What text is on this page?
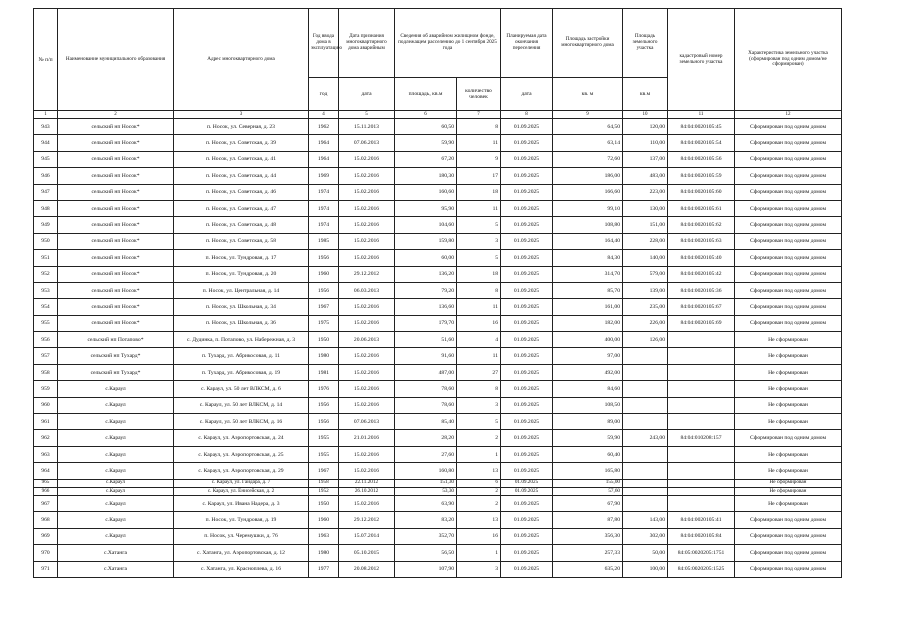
№ п/п	Наименование муниципального образования	Адрес многоквартирного дома	Год ввода дома в эксплуатацию	Дата признания многоквартирного дома аварийным	Сведения об аварийном жилищном фонде, подлежащем расселению до 1 сентября 2025 года		Планируемая дата окончания переселения	Площадь застройки многоквартирного дома	Площадь земельного участка	кадастровый номер земельного участка	Характеристика земельного участка (сформирован под одним домом/не сформирован)
			год	дата	площадь, кв.м	количество человек	дата	кв. м	кв.м		
1	2	3	4	5	6	7	8	9	10	11	12
943	сельский нп Носок*	п. Носок, ул. Северная, д. 23	1962	15.11.2013	60,50	8	01.09.2025	64,50	120,00	84:04:0020105:45	Сформирован под одним домом
944	сельский нп Носок*	п. Носок, ул. Советская, д. 39	1964	07.06.2013	59,90	11	01.09.2025	63,14	110,00	84:04:0020105:54	Сформирован под одним домом
945	сельский нп Носок*	п. Носок, ул. Советская, д. 41	1964	15.02.2016	67,20	9	01.09.2025	72,60	137,00	84:04:0020105:56	Сформирован под одним домом
946	сельский нп Носок*	п. Носок, ул. Советская, д. 44	1969	15.02.2016	180,30	17	01.09.2025	186,00	483,00	84:04:0020105:59	Сформирован под одним домом
947	сельский нп Носок*	п. Носок, ул. Советская, д. 46	1974	15.02.2016	160,60	18	01.09.2025	166,60	223,00	84:04:0020105:60	Сформирован под одним домом
948	сельский нп Носок*	п. Носок, ул. Советская, д. 47	1974	15.02.2016	95,90	11	01.09.2025	99,10	130,00	84:04:0020105:61	Сформирован под одним домом
949	сельский нп Носок*	п. Носок, ул. Советская, д. 48	1974	15.02.2016	104,60	5	01.09.2025	108,80	151,00	84:04:0020105:62	Сформирован под одним домом
950	сельский нп Носок*	п. Носок, ул. Советская, д. 58	1985	15.02.2016	159,80	3	01.09.2025	164,40	228,00	84:04:0020105:63	Сформирован под одним домом
951	сельский нп Носок*	п. Носок, ул. Тундровая, д. 17	1956	15.02.2016	60,00	5	01.09.2025	84,30	140,00	84:04:0020105:40	Сформирован под одним домом
952	сельский нп Носок*	п. Носок, ул. Тундровая, д. 20	1960	29.12.2012	136,20	18	01.09.2025	314,70	579,00	84:04:0020105:42	Сформирован под одним домом
953	сельский нп Носок*	п. Носок, ул. Центральная, д. 14	1956	06.03.2013	79,20	8	01.09.2025	85,70	139,00	84:04:0020105:36	Сформирован под одним домом
954	сельский нп Носок*	п. Носок, ул. Школьная, д. 34	1967	15.02.2016	136,60	11	01.09.2025	161,00	235,00	84:04:0020105:67	Сформирован под одним домом
955	сельский нп Носок*	п. Носок, ул. Школьная, д. 36	1975	15.02.2016	179,70	16	01.09.2025	182,00	226,00	84:04:0020105:69	Сформирован под одним домом
956	сельский нп Потапово*	с. Дудинка, п. Потапово, ул. Набережная, д. 3	1950	20.06.2013	51,60	4	01.09.2025	400,00	126,00		Не сформирован
957	сельский нп Тухард*	п. Тухард, ул. Абрикосовая, д. 11	1980	15.02.2016	91,60	11	01.09.2025	97,00			Не сформирован
958	сельский нп Тухард*	п. Тухард, ул. Абрикосовая, д. 19	1981	15.02.2016	487,00	27	01.09.2025	492,00			Не сформирован
959	с.Караул	с. Караул, ул. 50 лет ВЛКСМ, д. 6	1976	15.02.2016	78,60	8	01.09.2025	84,60			Не сформирован
960	с.Караул	с. Караул, ул. 50 лет ВЛКСМ, д. 14	1956	15.02.2016	78,60	3	01.09.2025	108,50			Не сформирован
961	с.Караул	с. Караул, ул. 50 лет ВЛКСМ, д. 16	1956	07.06.2013	85,40	5	01.09.2025	89,00			Не сформирован
962	с.Караул	с. Караул, ул. Аэропортовская, д. 24	1955	21.01.2016	28,20	2	01.09.2025	59,90	243,00	84:04:010208:157	Сформирован под одним домом
963	с.Караул	с. Караул, ул. Аэропортовская, д. 25	1955	15.02.2016	27,60	1	01.09.2025	60,40			Не сформирован
964	с.Караул	с. Караул, ул. Аэропортовская, д. 29	1967	15.02.2016	160,80	13	01.09.2025	165,80			Не сформирован
965	с.Караул	с. Караул, ул. Гайдара, д. 7	1958	22.11.2012	151,30	6	01.09.2025	155,00			Не сформирован
966	с.Караул	с. Караул, ул. Енисейская, д. 2	1952	26.10.2012	53,30	2	01.09.2025	57,60			Не сформирован
967	с.Караул	с. Караул, ул. Ивана Надера, д. 3	1950	15.02.2016	63,90	2	01.09.2025	67,90			Не сформирован
968	с.Караул	п. Носок, ул. Тундровая, д. 19	1960	29.12.2012	83,20	13	01.09.2025	87,80	143,00	84:04:0020105:41	Сформирован под одним домом
969	с.Караул	п. Носок, ул. Черемушки, д. 76	1963	15.07.2014	352,70	16	01.09.2025	356,30	302,00	84:04:0020105:84	Сформирован под одним домом
970	с.Хатанга	с. Хатанга, ул. Аэропортовская, д. 12	1980	05.10.2015	56,50	1	01.09.2025	257,33	50,00	84:05:0020205:1751	Сформирован под одним домом
971	с.Хатанга	с. Хатанга, ул. Красноплева, д. 16	1977	20.08.2012	107,90	3	01.09.2025	635,20	100,00	84:05:0020205:1525	Сформирован под одним домом
